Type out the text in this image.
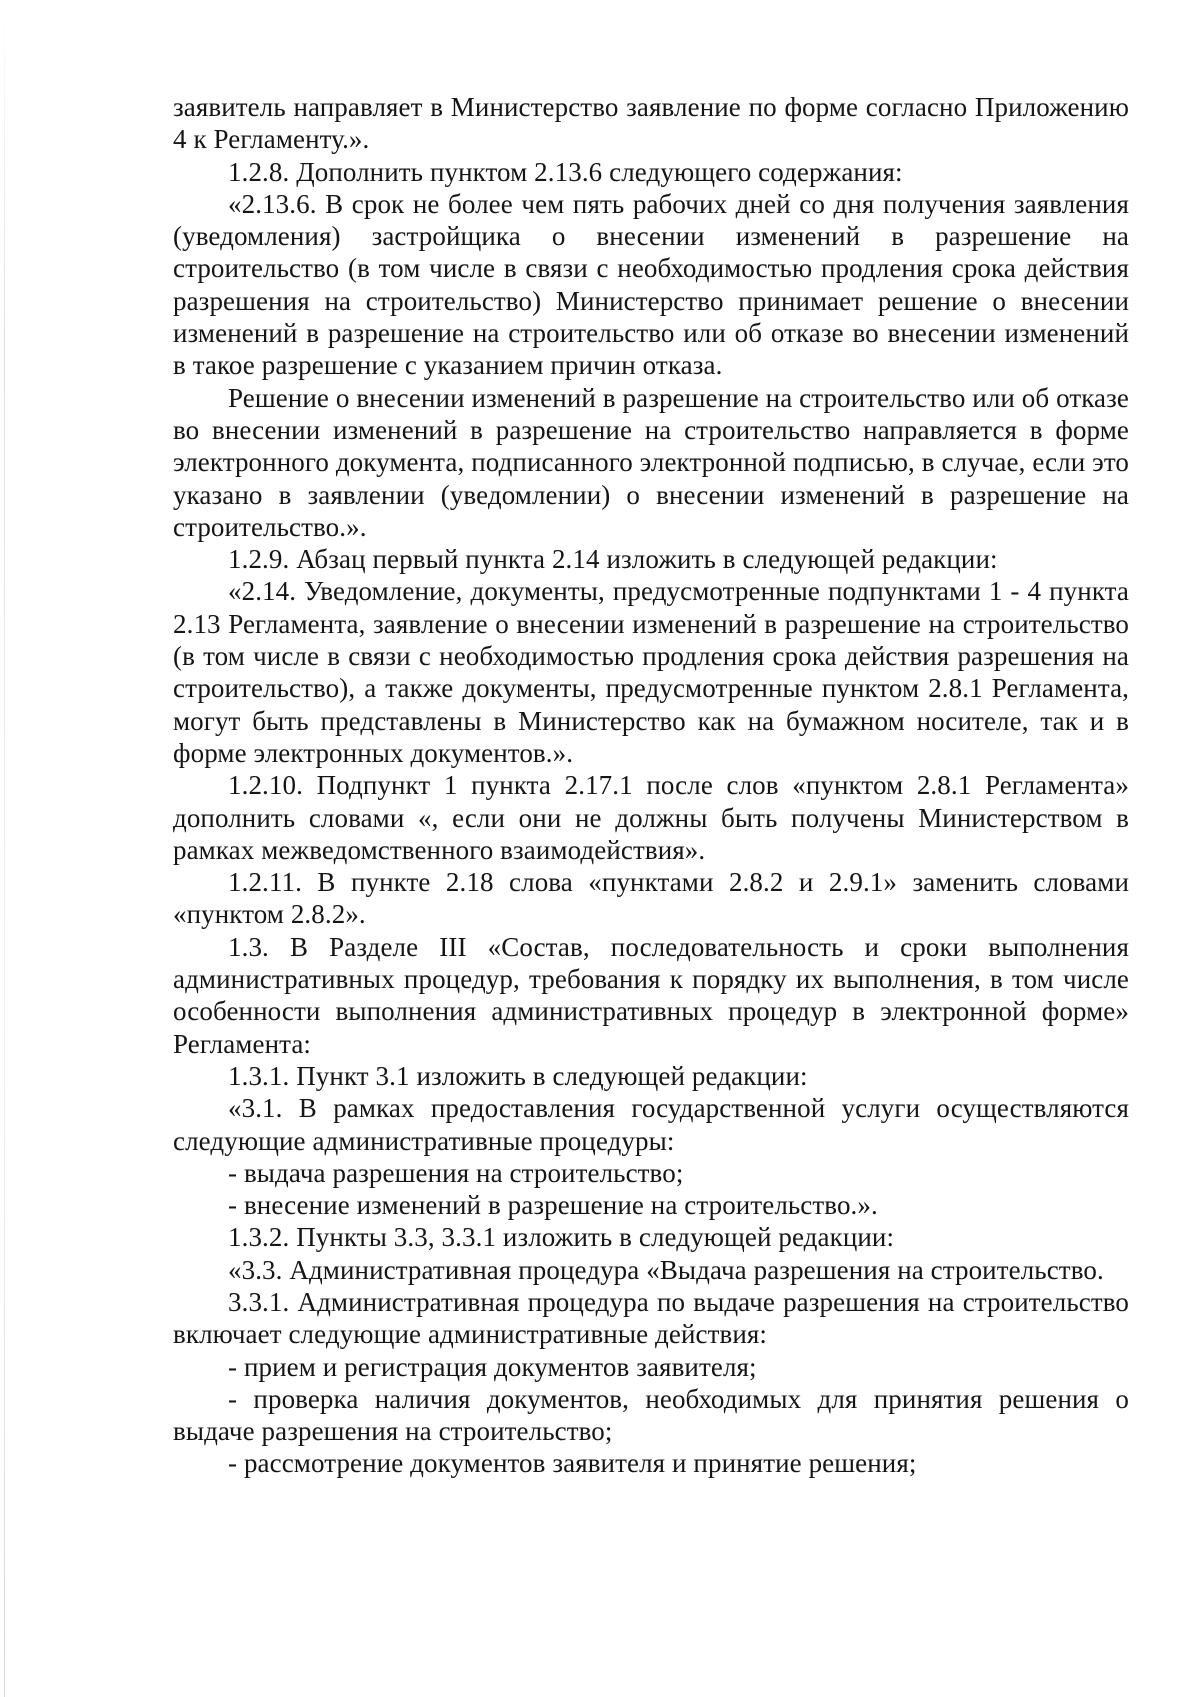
заявитель направляет в Министерство заявление по форме согласно Приложению 4 к Регламенту.».

1.2.8. Дополнить пунктом 2.13.6 следующего содержания:

«2.13.6. В срок не более чем пять рабочих дней со дня получения заявления (уведомления) застройщика о внесении изменений в разрешение на строительство (в том числе в связи с необходимостью продления срока действия разрешения на строительство) Министерство принимает решение о внесении изменений в разрешение на строительство или об отказе во внесении изменений в такое разрешение с указанием причин отказа.

Решение о внесении изменений в разрешение на строительство или об отказе во внесении изменений в разрешение на строительство направляется в форме электронного документа, подписанного электронной подписью, в случае, если это указано в заявлении (уведомлении) о внесении изменений в разрешение на строительство.».

1.2.9. Абзац первый пункта 2.14 изложить в следующей редакции:

«2.14. Уведомление, документы, предусмотренные подпунктами 1 - 4 пункта 2.13 Регламента, заявление о внесении изменений в разрешение на строительство (в том числе в связи с необходимостью продления срока действия разрешения на строительство), а также документы, предусмотренные пунктом 2.8.1 Регламента, могут быть представлены в Министерство как на бумажном носителе, так и в форме электронных документов.».

1.2.10. Подпункт 1 пункта 2.17.1 после слов «пунктом 2.8.1 Регламента» дополнить словами «, если они не должны быть получены Министерством в рамках межведомственного взаимодействия».

1.2.11. В пункте 2.18 слова «пунктами 2.8.2 и 2.9.1» заменить словами «пунктом 2.8.2».

1.3. В Разделе III «Состав, последовательность и сроки выполнения административных процедур, требования к порядку их выполнения, в том числе особенности выполнения административных процедур в электронной форме» Регламента:

1.3.1. Пункт 3.1 изложить в следующей редакции:

«3.1. В рамках предоставления государственной услуги осуществляются следующие административные процедуры:

- выдача разрешения на строительство;

- внесение изменений в разрешение на строительство.».

1.3.2. Пункты 3.3, 3.3.1 изложить в следующей редакции:

«3.3. Административная процедура «Выдача разрешения на строительство.

3.3.1. Административная процедура по выдаче разрешения на строительство включает следующие административные действия:

- прием и регистрация документов заявителя;

- проверка наличия документов, необходимых для принятия решения о выдаче разрешения на строительство;

- рассмотрение документов заявителя и принятие решения;
